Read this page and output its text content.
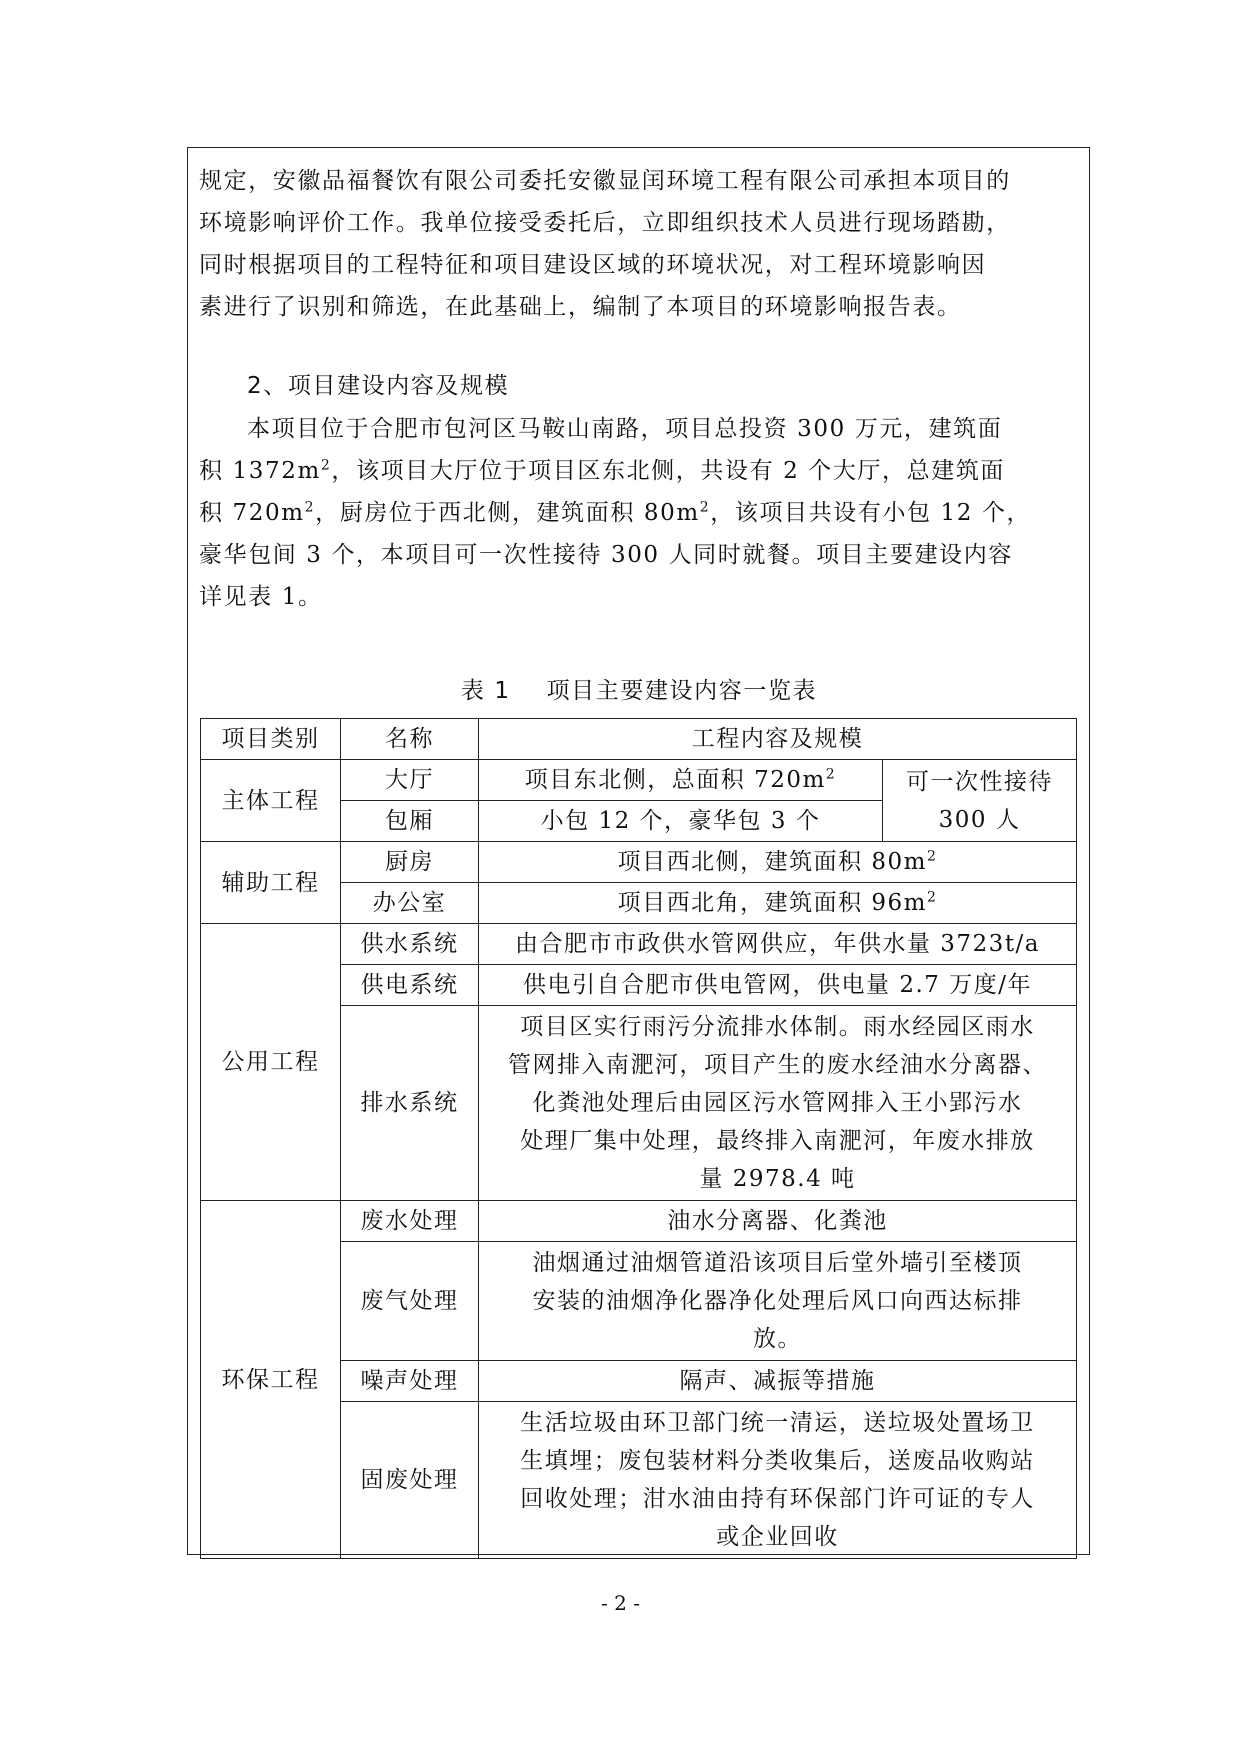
规定，安徽品福餐饮有限公司委托安徽显闰环境工程有限公司承担本项目的
环境影响评价工作。我单位接受委托后，立即组织技术人员进行现场踏勘，
同时根据项目的工程特征和项目建设区域的环境状况，对工程环境影响因
素进行了识别和筛选，在此基础上，编制了本项目的环境影响报告表。

2、项目建设内容及规模

本项目位于合肥市包河区马鞍山南路，项目总投资 300 万元，建筑面
积 $1372m^2$，该项目大厅位于项目区东北侧，共设有 2 个大厅，总建筑面
积 $720m^2$，厨房位于西北侧，建筑面积 $80m^2$，该项目共设有小包 12 个，
豪华包间 3 个，本项目可一次性接待 300 人同时就餐。项目主要建设内容
详见表 1。

表 1 项目主要建设内容一览表

项目类别	名称	工程内容及规模	
主体工程	大厅	项目东北侧，总面积 $720m^2$	可一次性接待
300 人
	包厢	小包 12 个，豪华包 3 个	
辅助工程	厨房	项目西北侧，建筑面积 $80m^2$
	办公室	项目西北角，建筑面积 $96m^2$
公用工程	供水系统	由合肥市市政供水管网供应，年供水量 3723t/a	
	供电系统	供电引自合肥市供电管网，供电量 2.7 万度/年	
	排水系统	项目区实行雨污分流排水体制。雨水经园区雨水
管网排入南淝河，项目产生的废水经油水分离器、
化粪池处理后由园区污水管网排入王小郢污水
处理厂集中处理，最终排入南淝河，年废水排放
量 2978.4 吨	
环保工程	废水处理	油水分离器、化粪池	
	废气处理	油烟通过油烟管道沿该项目后堂外墙引至楼顶
安装的油烟净化器净化处理后风口向西达标排
放。	
	噪声处理	隔声、减振等措施	
	固废处理	生活垃圾由环卫部门统一清运，送垃圾处置场卫
生填埋；废包装材料分类收集后，送废品收购站
回收处理；泔水油由持有环保部门许可证的专人
或企业回收	
- 2 -
